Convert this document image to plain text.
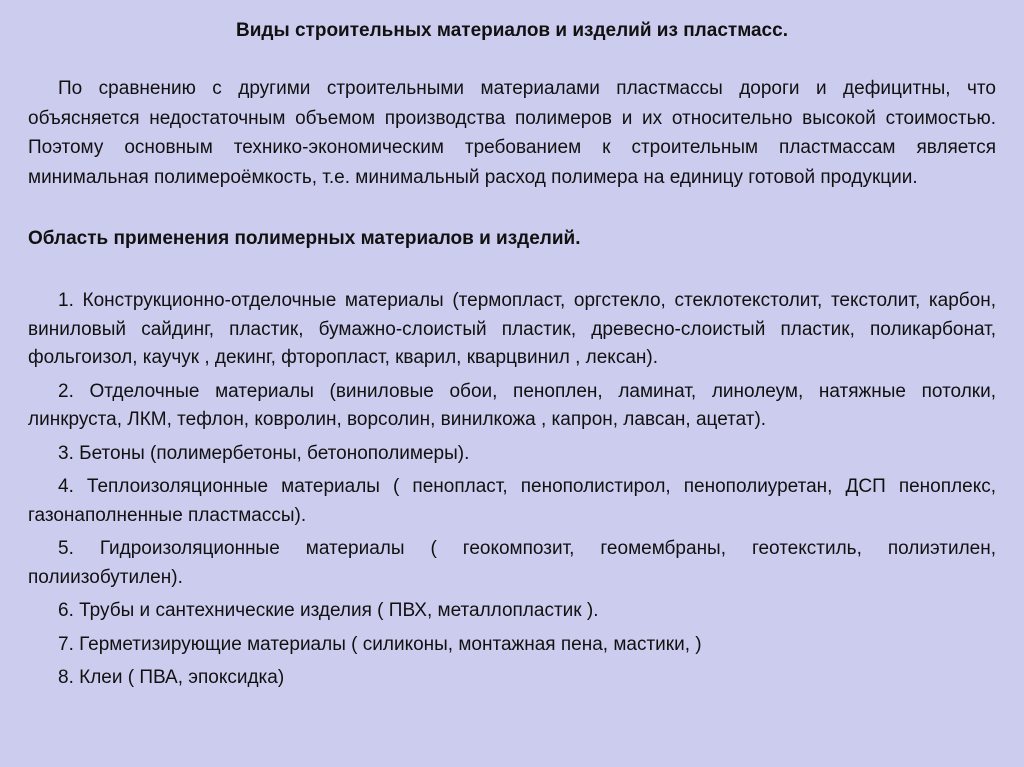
Виды строительных материалов и изделий из пластмасс.

По сравнению с другими строительными материалами пластмассы дороги и дефицитны, что объясняется недостаточным объемом производства полимеров и их относительно высокой стоимостью. Поэтому основным технико-экономическим требованием к строительным пластмассам является минимальная полимероёмкость, т.е. минимальный расход полимера на единицу готовой продукции.

Область применения полимерных материалов и изделий.

1. Конструкционно-отделочные материалы (термопласт, оргстекло, стеклотекстолит, текстолит, карбон, виниловый сайдинг, пластик, бумажно-слоистый пластик, древесно-слоистый пластик, поликарбонат, фольгоизол, каучук , декинг, фторопласт, кварил, кварцвинил , лексан).

2. Отделочные материалы (виниловые обои, пеноплен, ламинат, линолеум, натяжные потолки, линкруста, ЛКМ, тефлон, ковролин, ворсолин, винилкожа , капрон, лавсан, ацетат).

3. Бетоны (полимербетоны, бетонополимеры).

4. Теплоизоляционные материалы ( пенопласт, пенополистирол, пенополиуретан, ДСП пеноплекс, газонаполненные пластмассы).

5. Гидроизоляционные материалы ( геокомпозит, геомембраны, геотекстиль, полиэтилен, полиизобутилен).

6. Трубы и сантехнические изделия ( ПВХ, металлопластик ).

7. Герметизирующие материалы ( силиконы, монтажная пена, мастики, )

8. Клеи ( ПВА, эпоксидка)
